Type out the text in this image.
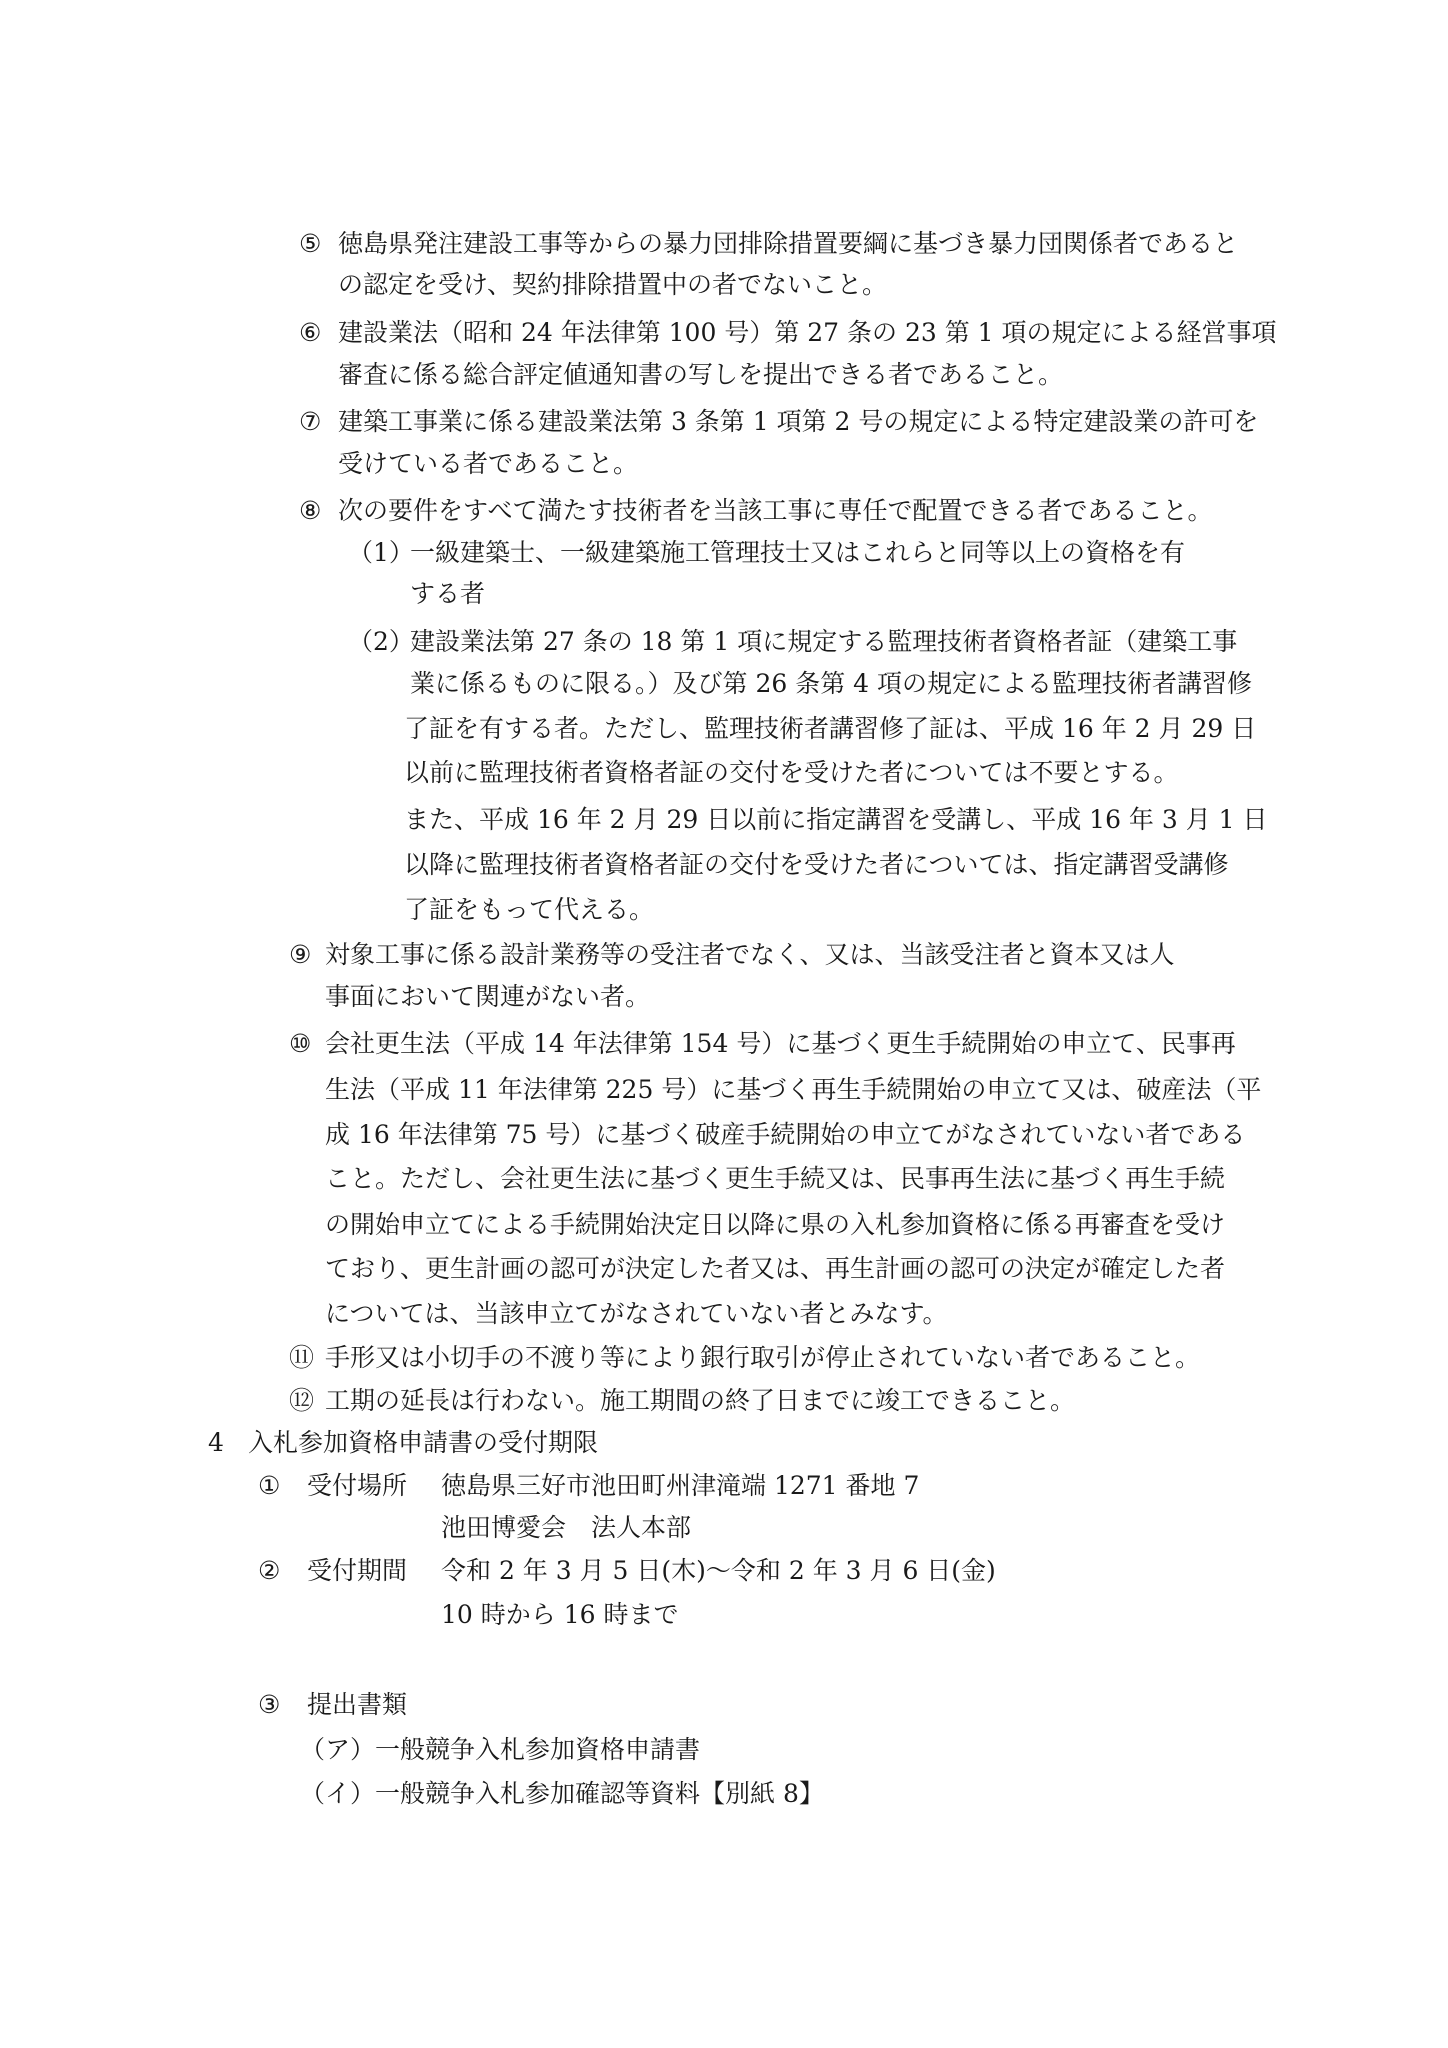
⑤ 徳島県発注建設工事等からの暴力団排除措置要綱に基づき暴力団関係者であると
の認定を受け、契約排除措置中の者でないこと。
⑥ 建設業法（昭和 24 年法律第 100 号）第 27 条の 23 第 1 項の規定による経営事項
審査に係る総合評定値通知書の写しを提出できる者であること。
⑦ 建築工事業に係る建設業法第 3 条第 1 項第 2 号の規定による特定建設業の許可を
受けている者であること。
⑧ 次の要件をすべて満たす技術者を当該工事に専任で配置できる者であること。
（1）
一級建築士、一級建築施工管理技士又はこれらと同等以上の資格を有
する者
（2）
建設業法第 27 条の 18 第 1 項に規定する監理技術者資格者証（建築工事
業に係るものに限る。）及び第 26 条第 4 項の規定による監理技術者講習修
了証を有する者。ただし、監理技術者講習修了証は、平成 16 年 2 月 29 日
以前に監理技術者資格者証の交付を受けた者については不要とする。
また、平成 16 年 2 月 29 日以前に指定講習を受講し、平成 16 年 3 月 1 日
以降に監理技術者資格者証の交付を受けた者については、指定講習受講修
了証をもって代える。
⑨ 対象工事に係る設計業務等の受注者でなく、又は、当該受注者と資本又は人
事面において関連がない者。
⑩ 会社更生法（平成 14 年法律第 154 号）に基づく更生手続開始の申立て、民事再
生法（平成 11 年法律第 225 号）に基づく再生手続開始の申立て又は、破産法（平
成 16 年法律第 75 号）に基づく破産手続開始の申立てがなされていない者である
こと。ただし、会社更生法に基づく更生手続又は、民事再生法に基づく再生手続
の開始申立てによる手続開始決定日以降に県の入札参加資格に係る再審査を受け
ており、更生計画の認可が決定した者又は、再生計画の認可の決定が確定した者
については、当該申立てがなされていない者とみなす。
⑪ 手形又は小切手の不渡り等により銀行取引が停止されていない者であること。
⑫ 工期の延長は行わない。施工期間の終了日までに竣工できること。
4 入札参加資格申請書の受付期限
① 受付場所 徳島県三好市池田町州津滝端 1271 番地 7
池田博愛会　法人本部
② 受付期間 令和 2 年 3 月 5 日(木)～令和 2 年 3 月 6 日(金)
10 時から 16 時まで
③ 提出書類
（ア）一般競争入札参加資格申請書
（イ）一般競争入札参加確認等資料【別紙 8】
